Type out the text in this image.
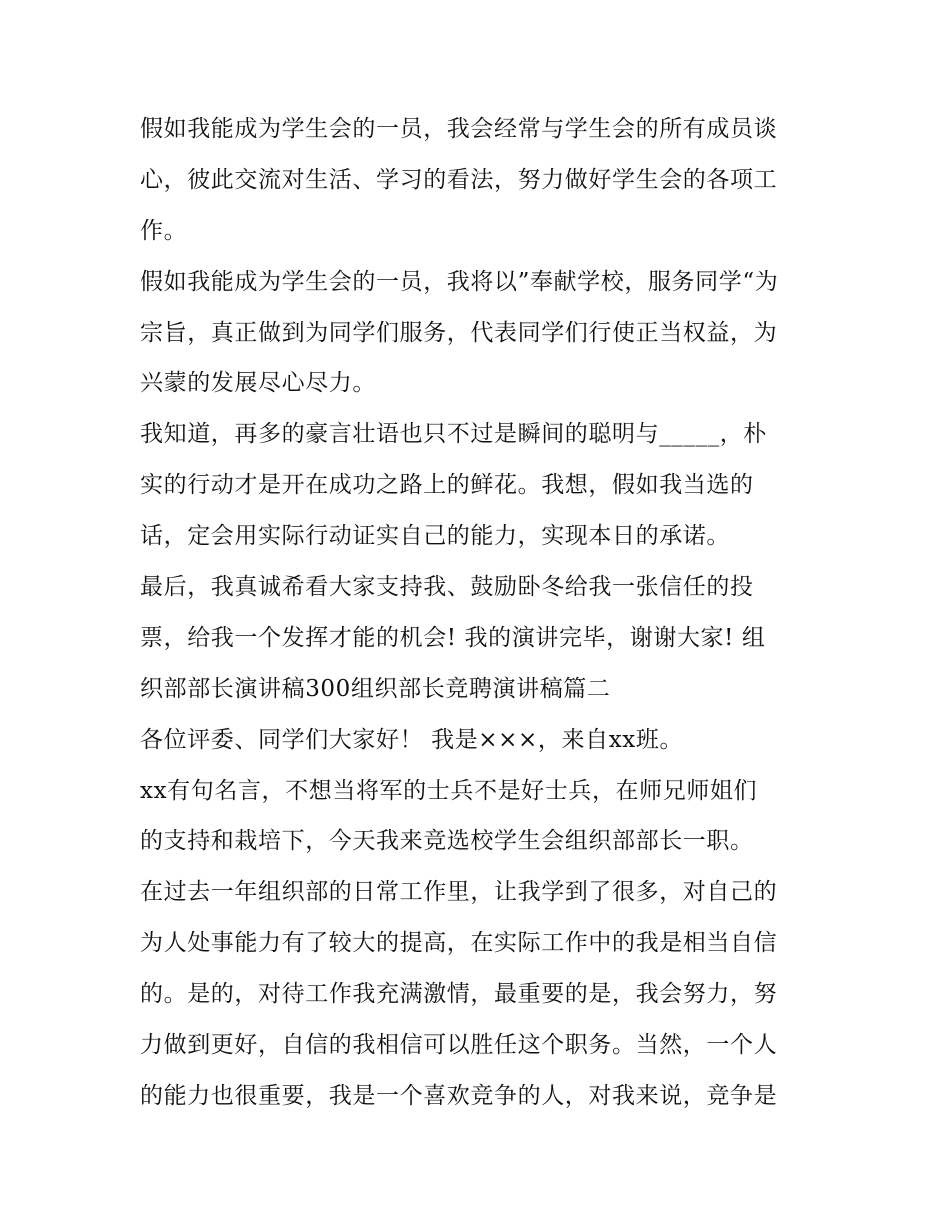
假如我能成为学生会的一员，我会经常与学生会的所有成员谈
心，彼此交流对生活、学习的看法，努力做好学生会的各项工
作。
假如我能成为学生会的一员，我将以”奉献学校，服务同学“为
宗旨，真正做到为同学们服务，代表同学们行使正当权益，为
兴蒙的发展尽心尽力。
我知道，再多的豪言壮语也只不过是瞬间的聪明与_____，朴
实的行动才是开在成功之路上的鲜花。我想，假如我当选的
话，定会用实际行动证实自己的能力，实现本日的承诺。
最后，我真诚希看大家支持我、鼓励卧冬给我一张信任的投
票，给我一个发挥才能的机会! 我的演讲完毕，谢谢大家! 组
织部部长演讲稿300组织部长竞聘演讲稿篇二
各位评委、同学们大家好！ 我是×××，来自xx班。
xx有句名言，不想当将军的士兵不是好士兵，在师兄师姐们
的支持和栽培下，今天我来竞选校学生会组织部部长一职。
在过去一年组织部的日常工作里，让我学到了很多，对自己的
为人处事能力有了较大的提高，在实际工作中的我是相当自信
的。是的，对待工作我充满激情，最重要的是，我会努力，努
力做到更好，自信的我相信可以胜任这个职务。当然，一个人
的能力也很重要，我是一个喜欢竞争的人，对我来说，竞争是
